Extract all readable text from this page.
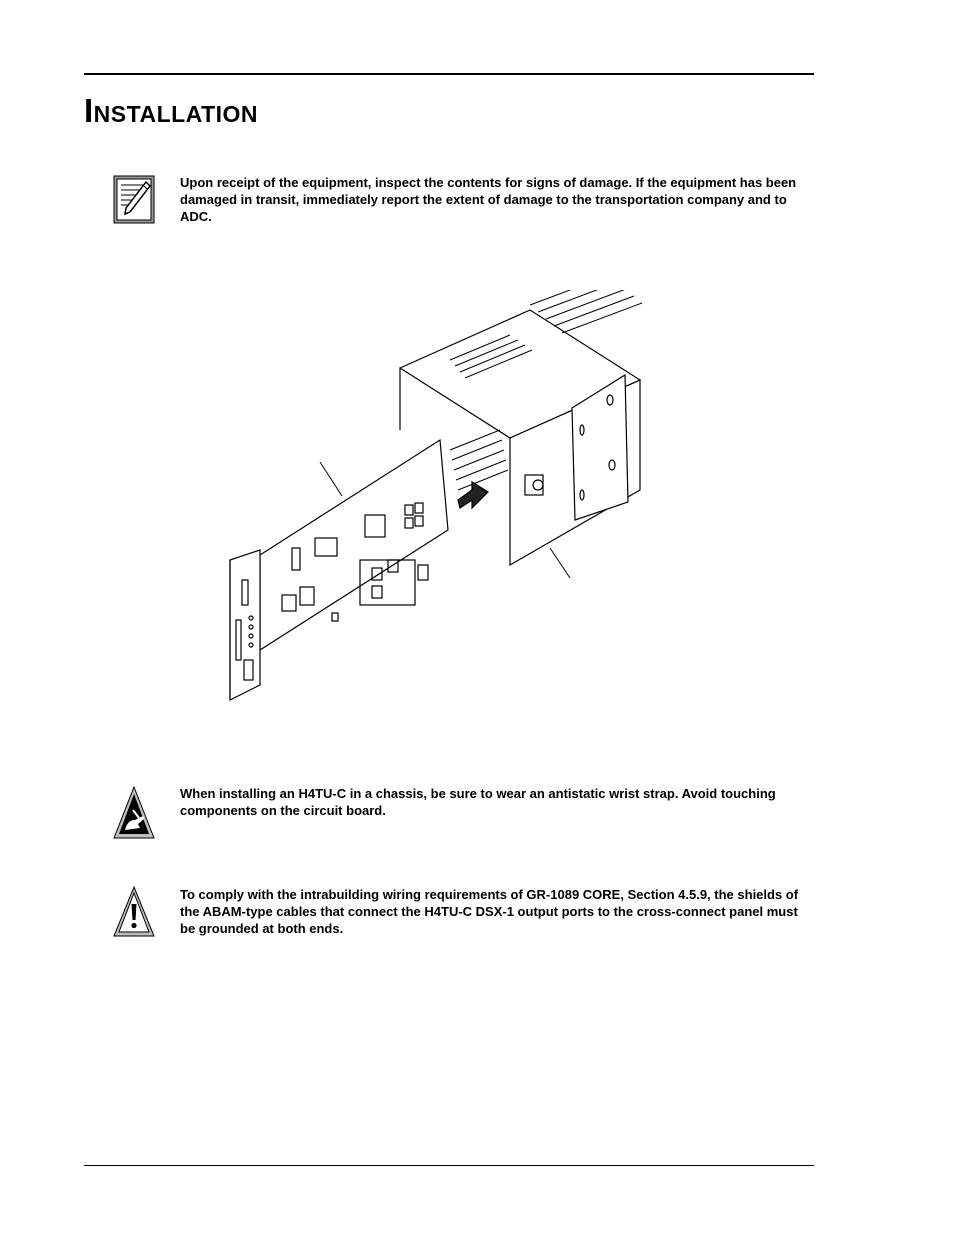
Installation

Upon receipt of the equipment, inspect the contents for signs of damage. If the equipment has been damaged in transit, immediately report the extent of damage to the transportation company and to ADC.

When installing an H4TU-C in a chassis, be sure to wear an antistatic wrist strap. Avoid touching components on the circuit board.

To comply with the intrabuilding wiring requirements of GR-1089 CORE, Section 4.5.9, the shields of the ABAM-type cables that connect the H4TU-C DSX-1 output ports to the cross-connect panel must be grounded at both ends.
